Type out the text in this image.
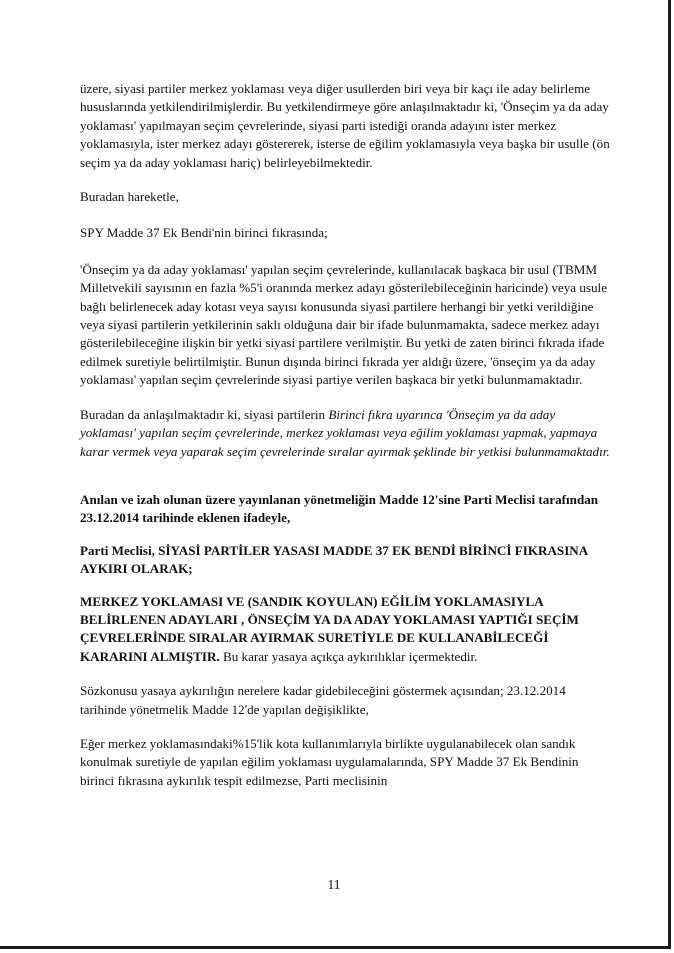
üzere, siyasi partiler merkez yoklaması veya diğer usullerden biri veya bir kaçı ile aday belirleme hususlarında yetkilendirilmişlerdir. Bu yetkilendirmeye göre anlaşılmaktadır ki, 'Önseçim ya da aday yoklaması' yapılmayan seçim çevrelerinde, siyasi parti istediği oranda adayını ister merkez yoklamasıyla, ister merkez adayı göstererek, isterse de eğilim yoklamasıyla veya başka bir usulle (ön seçim ya da aday yoklaması hariç) belirleyebilmektedir.

Buradan hareketle,

SPY Madde 37 Ek Bendi'nin birinci fıkrasında;

'Önseçim ya da aday yoklaması' yapılan seçim çevrelerinde, kullanılacak başkaca bir usul (TBMM Milletvekili sayısının en fazla %5'i oranında merkez adayı gösterilebileceğinin haricinde) veya usule bağlı belirlenecek aday kotası veya sayısı konusunda siyasi partilere herhangi bir yetki verildiğine veya siyasi partilerin yetkilerinin saklı olduğuna dair bir ifade bulunmamakta, sadece merkez adayı gösterilebileceğine ilişkin bir yetki siyasi partilere verilmiştir. Bu yetki de zaten birinci fıkrada ifade edilmek suretiyle belirtilmiştir. Bunun dışında birinci fıkrada yer aldığı üzere, 'önseçim ya da aday yoklaması' yapılan seçim çevrelerinde siyasi partiye verilen başkaca bir yetki bulunmamaktadır.

Buradan da anlaşılmaktadır ki, siyasi partilerin Birinci fıkra uyarınca 'Önseçim ya da aday yoklaması' yapılan seçim çevrelerinde, merkez yoklaması veya eğilim yoklaması yapmak, yapmaya karar vermek veya yaparak seçim çevrelerinde sıralar ayırmak şeklinde bir yetkisi bulunmamaktadır.

Anılan ve izah olunan üzere yayınlanan yönetmeliğin Madde 12'sine Parti Meclisi tarafından 23.12.2014 tarihinde eklenen ifadeyle,

Parti Meclisi, SİYASİ PARTİLER YASASI MADDE 37 EK BENDİ BİRİNCİ FIKRASINA AYKIRI OLARAK;

MERKEZ YOKLAMASI VE (SANDIK KOYULAN) EĞİLİM YOKLAMASIYLA BELİRLENEN ADAYLARI , ÖNSEÇİM YA DA ADAY YOKLAMASI YAPTIĞI SEÇİM ÇEVRELERİNDE SIRALAR AYIRMAK SURETİYLE DE KULLANABİLECEĞİ KARARINI ALMIŞTIR. Bu karar yasaya açıkça aykırılıklar içermektedir.

Sözkonusu yasaya aykırılığın nerelere kadar gidebileceğini göstermek açısından; 23.12.2014 tarihinde yönetmelik Madde 12'de yapılan değişiklikte,

Eğer merkez yoklamasındaki%15'lik kota kullanımlarıyla birlikte uygulanabilecek olan sandık konulmak suretiyle de yapılan eğilim yoklaması uygulamalarında, SPY Madde 37 Ek Bendinin birinci fıkrasına aykırılık tespit edilmezse, Parti meclisinin

11
